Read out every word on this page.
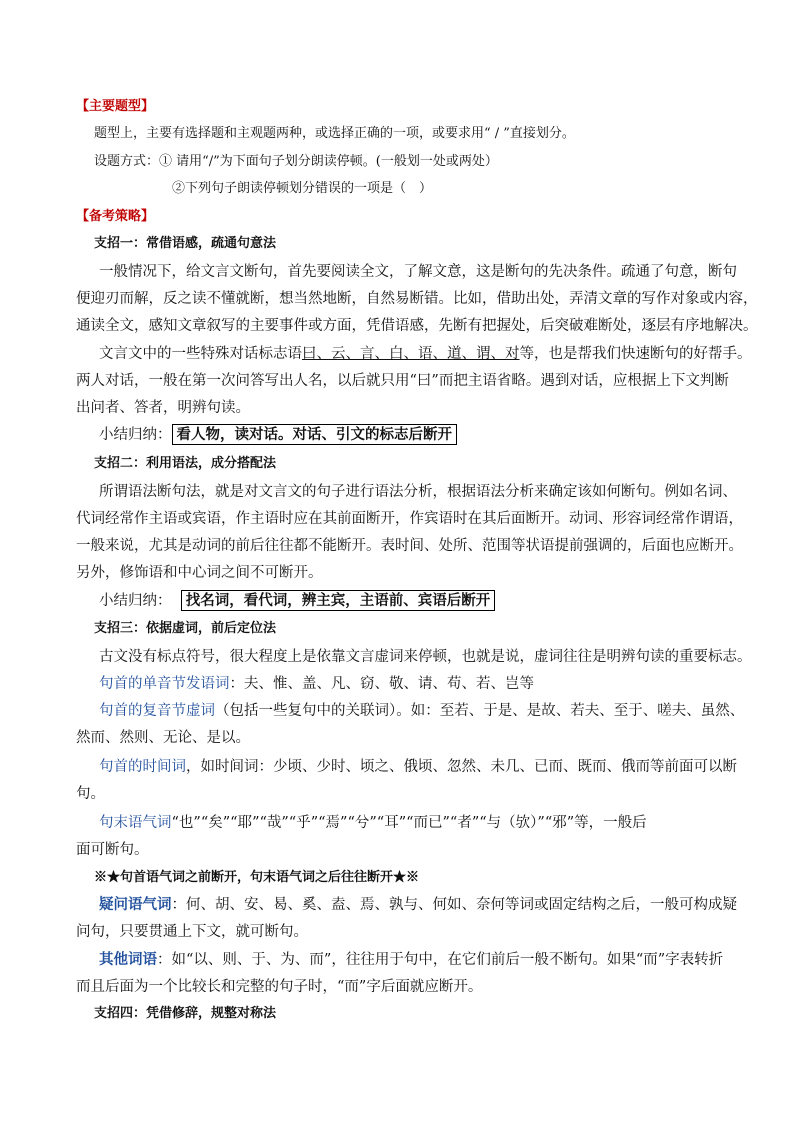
【主要题型】
题型上，主要有选择题和主观题两种，或选择正确的一项，或要求用“ / ”直接划分。
设题方式：① 请用“/”为下面句子划分朗读停顿。(一般划一处或两处）
②下列句子朗读停顿划分错误的一项是（　）
【备考策略】
支招一：常借语感，疏通句意法
一般情况下，给文言文断句，首先要阅读全文，了解文意，这是断句的先决条件。疏通了句意，断句
便迎刃而解，反之读不懂就断，想当然地断，自然易断错。比如，借助出处，弄清文章的写作对象或内容，
通读全文，感知文章叙写的主要事件或方面，凭借语感，先断有把握处，后突破难断处，逐层有序地解决。
文言文中的一些特殊对话标志语曰、云、言、白、语、道、谓、对等，也是帮我们快速断句的好帮手。
两人对话，一般在第一次问答写出人名，以后就只用“曰”而把主语省略。遇到对话，应根据上下文判断
出问者、答者，明辨句读。
小结归纳： 看人物，读对话。对话、引文的标志后断开
支招二：利用语法，成分搭配法
所谓语法断句法，就是对文言文的句子进行语法分析，根据语法分析来确定该如何断句。例如名词、
代词经常作主语或宾语，作主语时应在其前面断开，作宾语时在其后面断开。动词、形容词经常作谓语，
一般来说，尤其是动词的前后往往都不能断开。表时间、处所、范围等状语提前强调的，后面也应断开。
另外，修饰语和中心词之间不可断开。
小结归纳： 找名词，看代词，辨主宾，主语前、宾语后断开
支招三：依据虚词，前后定位法
古文没有标点符号，很大程度上是依靠文言虚词来停顿，也就是说，虚词往往是明辨句读的重要标志。
句首的单音节发语词：夫、惟、盖、凡、窃、敬、请、苟、若、岂等
句首的复音节虚词（包括一些复句中的关联词）。如：至若、于是、是故、若夫、至于、嗟夫、虽然、
然而、然则、无论、是以。
句首的时间词，如时间词：少顷、少时、顷之、俄顷、忽然、未几、已而、既而、俄而等前面可以断
句。
句末语气词“也”“矣”“耶”“哉”“乎”“焉”“兮”“耳”“而已”“者”“与（欤）”“邪”等，一般后
面可断句。
※★句首语气词之前断开，句末语气词之后往往断开★※
疑问语气词：何、胡、安、曷、奚、盍、焉、孰与、何如、奈何等词或固定结构之后，一般可构成疑
问句，只要贯通上下文，就可断句。
其他词语：如“以、则、于、为、而”，往往用于句中，在它们前后一般不断句。如果“而”字表转折
而且后面为一个比较长和完整的句子时，“而”字后面就应断开。
支招四：凭借修辞，规整对称法
